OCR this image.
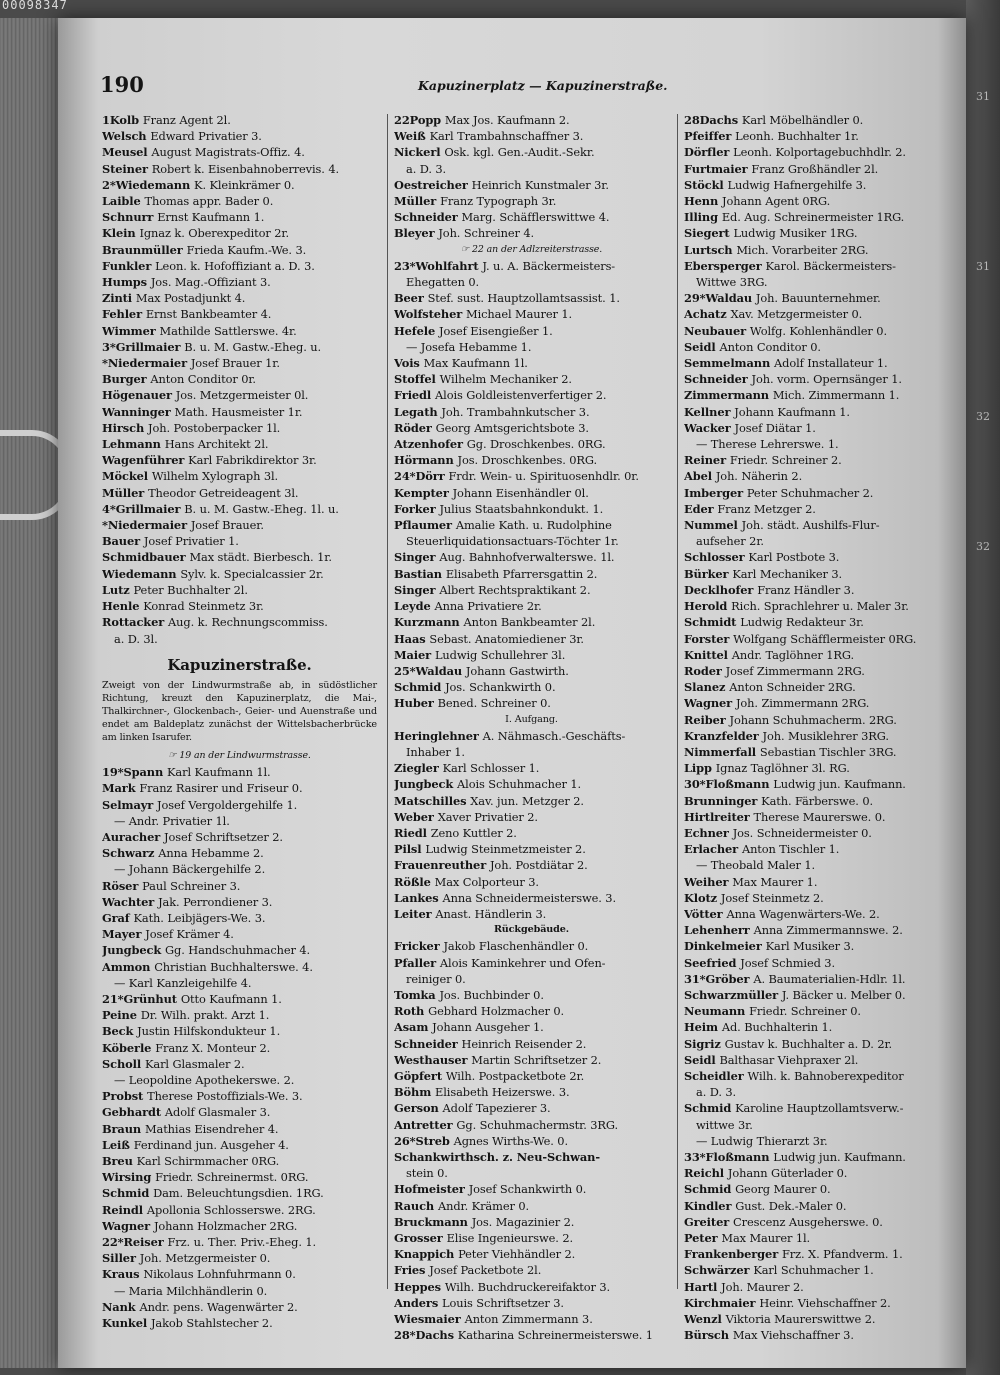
31
31
32
32
00098347
190	Kapuzinerplatz — Kapuzinerstraße.
1Kolb Franz Agent 2l.
Welsch Edward Privatier 3.
Meusel August Magistrats-Offiz. 4.
Steiner Robert k. Eisenbahnoberrevis. 4.
2*Wiedemann K. Kleinkrämer 0.
Laible Thomas appr. Bader 0.
Schnurr Ernst Kaufmann 1.
Klein Ignaz k. Oberexpeditor 2r.
Braunmüller Frieda Kaufm.-We. 3.
Funkler Leon. k. Hofoffiziant a. D. 3.
Humps Jos. Mag.-Offiziant 3.
Zinti Max Postadjunkt 4.
Fehler Ernst Bankbeamter 4.
Wimmer Mathilde Sattlerswe. 4r.
3*Grillmaier B. u. M. Gastw.-Eheg. u.
*Niedermaier Josef Brauer 1r.
Burger Anton Conditor 0r.
Högenauer Jos. Metzgermeister 0l.
Wanninger Math. Hausmeister 1r.
Hirsch Joh. Postoberpacker 1l.
Lehmann Hans Architekt 2l.
Wagenführer Karl Fabrikdirektor 3r.
Möckel Wilhelm Xylograph 3l.
Müller Theodor Getreideagent 3l.
4*Grillmaier B. u. M. Gastw.-Eheg. 1l. u.
*Niedermaier Josef Brauer.
Bauer Josef Privatier 1.
Schmidbauer Max städt. Bierbesch. 1r.
Wiedemann Sylv. k. Specialcassier 2r.
Lutz Peter Buchhalter 2l.
Henle Konrad Steinmetz 3r.
Rottacker Aug. k. Rechnungscommiss.
a. D. 3l.
Kapuzinerstraße.
Zweigt von der Lindwurmstraße ab, in südöstlicher Richtung, kreuzt den Kapuzinerplatz, die Mai-, Thalkirchner-, Glockenbach-, Geier- und Auenstraße und endet am Baldeplatz zunächst der Wittelsbacherbrücke am linken Isarufer.
☞ 19 an der Lindwurmstrasse.
19*Spann Karl Kaufmann 1l.
Mark Franz Rasirer und Friseur 0.
Selmayr Josef Vergoldergehilfe 1.
— Andr. Privatier 1l.
Auracher Josef Schriftsetzer 2.
Schwarz Anna Hebamme 2.
— Johann Bäckergehilfe 2.
Röser Paul Schreiner 3.
Wachter Jak. Perrondiener 3.
Graf Kath. Leibjägers-We. 3.
Mayer Josef Krämer 4.
Jungbeck Gg. Handschuhmacher 4.
Ammon Christian Buchhalterswe. 4.
— Karl Kanzleigehilfe 4.
21*Grünhut Otto Kaufmann 1.
Peine Dr. Wilh. prakt. Arzt 1.
Beck Justin Hilfskondukteur 1.
Köberle Franz X. Monteur 2.
Scholl Karl Glasmaler 2.
— Leopoldine Apothekerswe. 2.
Probst Therese Postoffizials-We. 3.
Gebhardt Adolf Glasmaler 3.
Braun Mathias Eisendreher 4.
Leiß Ferdinand jun. Ausgeher 4.
Breu Karl Schirmmacher 0RG.
Wirsing Friedr. Schreinermst. 0RG.
Schmid Dam. Beleuchtungsdien. 1RG.
Reindl Apollonia Schlosserswe. 2RG.
Wagner Johann Holzmacher 2RG.
22*Reiser Frz. u. Ther. Priv.-Eheg. 1.
Siller Joh. Metzgermeister 0.
Kraus Nikolaus Lohnfuhrmann 0.
— Maria Milchhändlerin 0.
Nank Andr. pens. Wagenwärter 2.
Kunkel Jakob Stahlstecher 2.
22Popp Max Jos. Kaufmann 2.
Weiß Karl Trambahnschaffner 3.
Nickerl Osk. kgl. Gen.-Audit.-Sekr.
a. D. 3.
Oestreicher Heinrich Kunstmaler 3r.
Müller Franz Typograph 3r.
Schneider Marg. Schäfflerswittwe 4.
Bleyer Joh. Schreiner 4.
☞ 22 an der Adlzreiterstrasse.
23*Wohlfahrt J. u. A. Bäckermeisters-
Ehegatten 0.
Beer Stef. sust. Hauptzollamtsassist. 1.
Wolfsteher Michael Maurer 1.
Hefele Josef Eisengießer 1.
— Josefa Hebamme 1.
Vois Max Kaufmann 1l.
Stoffel Wilhelm Mechaniker 2.
Friedl Alois Goldleistenverfertiger 2.
Legath Joh. Trambahnkutscher 3.
Röder Georg Amtsgerichtsbote 3.
Atzenhofer Gg. Droschkenbes. 0RG.
Hörmann Jos. Droschkenbes. 0RG.
24*Dörr Frdr. Wein- u. Spirituosenhdlr. 0r.
Kempter Johann Eisenhändler 0l.
Forker Julius Staatsbahnkondukt. 1.
Pflaumer Amalie Kath. u. Rudolphine
Steuerliquidationsactuars-Töchter 1r.
Singer Aug. Bahnhofverwalterswe. 1l.
Bastian Elisabeth Pfarrersgattin 2.
Singer Albert Rechtspraktikant 2.
Leyde Anna Privatiere 2r.
Kurzmann Anton Bankbeamter 2l.
Haas Sebast. Anatomiediener 3r.
Maier Ludwig Schullehrer 3l.
25*Waldau Johann Gastwirth.
Schmid Jos. Schankwirth 0.
Huber Bened. Schreiner 0.
I. Aufgang.
Heringlehner A. Nähmasch.-Geschäfts-
Inhaber 1.
Ziegler Karl Schlosser 1.
Jungbeck Alois Schuhmacher 1.
Matschilles Xav. jun. Metzger 2.
Weber Xaver Privatier 2.
Riedl Zeno Kuttler 2.
Pilsl Ludwig Steinmetzmeister 2.
Frauenreuther Joh. Postdiätar 2.
Rößle Max Colporteur 3.
Lankes Anna Schneidermeisterswe. 3.
Leiter Anast. Händlerin 3.
Rückgebäude.
Fricker Jakob Flaschenhändler 0.
Pfaller Alois Kaminkehrer und Ofen-
reiniger 0.
Tomka Jos. Buchbinder 0.
Roth Gebhard Holzmacher 0.
Asam Johann Ausgeher 1.
Schneider Heinrich Reisender 2.
Westhauser Martin Schriftsetzer 2.
Göpfert Wilh. Postpacketbote 2r.
Böhm Elisabeth Heizerswe. 3.
Gerson Adolf Tapezierer 3.
Antretter Gg. Schuhmachermstr. 3RG.
26*Streb Agnes Wirths-We. 0.
Schankwirthsch. z. Neu-Schwan-
stein 0.
Hofmeister Josef Schankwirth 0.
Rauch Andr. Krämer 0.
Bruckmann Jos. Magazinier 2.
Grosser Elise Ingenieurswe. 2.
Knappich Peter Viehhändler 2.
Fries Josef Packetbote 2l.
Heppes Wilh. Buchdruckereifaktor 3.
Anders Louis Schriftsetzer 3.
Wiesmaier Anton Zimmermann 3.
28*Dachs Katharina Schreinermeisterswe. 1
28Dachs Karl Möbelhändler 0.
Pfeiffer Leonh. Buchhalter 1r.
Dörfler Leonh. Kolportagebuchhdlr. 2.
Furtmaier Franz Großhändler 2l.
Stöckl Ludwig Hafnergehilfe 3.
Henn Johann Agent 0RG.
Illing Ed. Aug. Schreinermeister 1RG.
Siegert Ludwig Musiker 1RG.
Lurtsch Mich. Vorarbeiter 2RG.
Ebersperger Karol. Bäckermeisters-
Wittwe 3RG.
29*Waldau Joh. Bauunternehmer.
Achatz Xav. Metzgermeister 0.
Neubauer Wolfg. Kohlenhändler 0.
Seidl Anton Conditor 0.
Semmelmann Adolf Installateur 1.
Schneider Joh. vorm. Opernsänger 1.
Zimmermann Mich. Zimmermann 1.
Kellner Johann Kaufmann 1.
Wacker Josef Diätar 1.
— Therese Lehrerswe. 1.
Reiner Friedr. Schreiner 2.
Abel Joh. Näherin 2.
Imberger Peter Schuhmacher 2.
Eder Franz Metzger 2.
Nummel Joh. städt. Aushilfs-Flur-
aufseher 2r.
Schlosser Karl Postbote 3.
Bürker Karl Mechaniker 3.
Decklhofer Franz Händler 3.
Herold Rich. Sprachlehrer u. Maler 3r.
Schmidt Ludwig Redakteur 3r.
Forster Wolfgang Schäfflermeister 0RG.
Knittel Andr. Taglöhner 1RG.
Roder Josef Zimmermann 2RG.
Slanez Anton Schneider 2RG.
Wagner Joh. Zimmermann 2RG.
Reiber Johann Schuhmacherm. 2RG.
Kranzfelder Joh. Musiklehrer 3RG.
Nimmerfall Sebastian Tischler 3RG.
Lipp Ignaz Taglöhner 3l. RG.
30*Floßmann Ludwig jun. Kaufmann.
Brunninger Kath. Färberswe. 0.
Hirtlreiter Therese Maurerswe. 0.
Echner Jos. Schneidermeister 0.
Erlacher Anton Tischler 1.
— Theobald Maler 1.
Weiher Max Maurer 1.
Klotz Josef Steinmetz 2.
Vötter Anna Wagenwärters-We. 2.
Lehenherr Anna Zimmermannswe. 2.
Dinkelmeier Karl Musiker 3.
Seefried Josef Schmied 3.
31*Gröber A. Baumaterialien-Hdlr. 1l.
Schwarzmüller J. Bäcker u. Melber 0.
Neumann Friedr. Schreiner 0.
Heim Ad. Buchhalterin 1.
Sigriz Gustav k. Buchhalter a. D. 2r.
Seidl Balthasar Viehpraxer 2l.
Scheidler Wilh. k. Bahnoberexpeditor
a. D. 3.
Schmid Karoline Hauptzollamtsverw.-
wittwe 3r.
— Ludwig Thierarzt 3r.
33*Floßmann Ludwig jun. Kaufmann.
Reichl Johann Güterlader 0.
Schmid Georg Maurer 0.
Kindler Gust. Dek.-Maler 0.
Greiter Crescenz Ausgeherswe. 0.
Peter Max Maurer 1l.
Frankenberger Frz. X. Pfandverm. 1.
Schwärzer Karl Schuhmacher 1.
Hartl Joh. Maurer 2.
Kirchmaier Heinr. Viehschaffner 2.
Wenzl Viktoria Maurerswittwe 2.
Bürsch Max Viehschaffner 3.
